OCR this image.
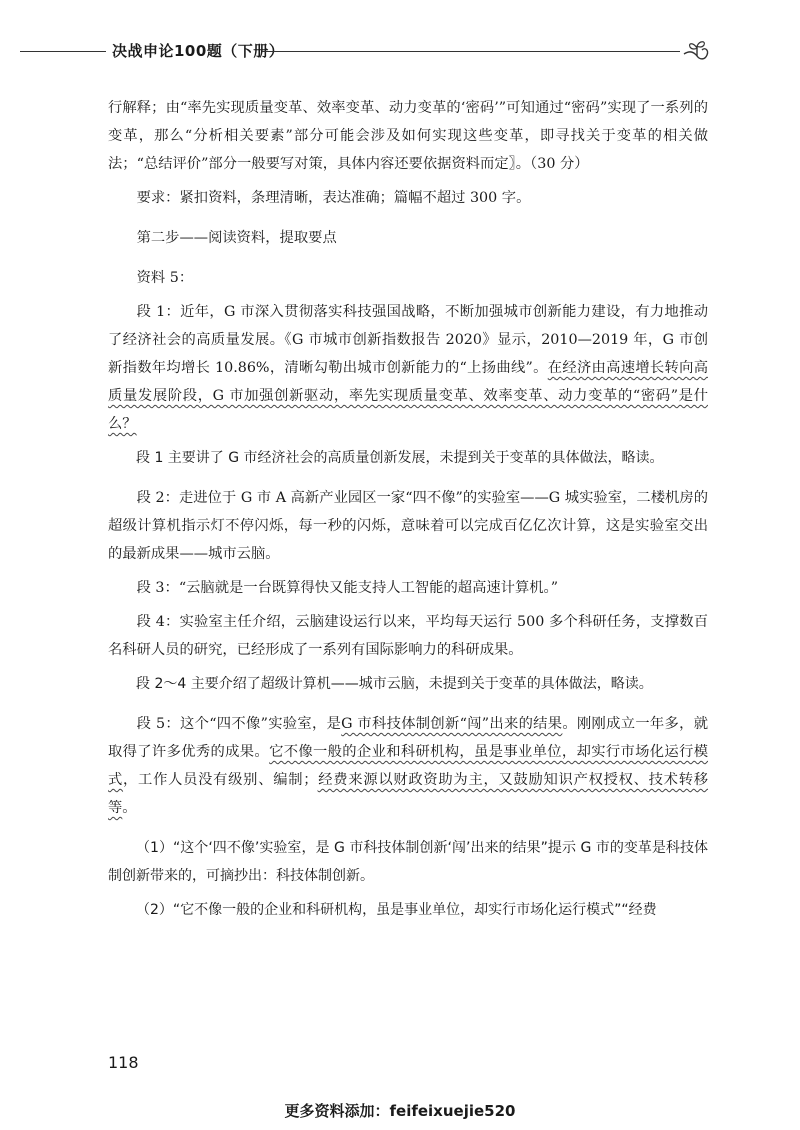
决战申论100题（下册）

行解释；由“率先实现质量变革、效率变革、动力变革的‘密码’”可知通过“密码”实现了一系列的变革，那么“分析相关要素”部分可能会涉及如何实现这些变革，即寻找关于变革的相关做法；“总结评价”部分一般要写对策，具体内容还要依据资料而定〗。（30 分）

要求：紧扣资料，条理清晰，表达准确；篇幅不超过 300 字。

第二步——阅读资料，提取要点

资料 5：

段 1：近年，G 市深入贯彻落实科技强国战略，不断加强城市创新能力建设，有力地推动了经济社会的高质量发展。《G 市城市创新指数报告 2020》显示，2010—2019 年，G 市创新指数年均增长 10.86%，清晰勾勒出城市创新能力的“上扬曲线”。在经济由高速增长转向高质量发展阶段，G 市加强创新驱动，率先实现质量变革、效率变革、动力变革的“密码”是什么？

段 1 主要讲了 G 市经济社会的高质量创新发展，未提到关于变革的具体做法，略读。

段 2：走进位于 G 市 A 高新产业园区一家“四不像”的实验室——G 城实验室，二楼机房的超级计算机指示灯不停闪烁，每一秒的闪烁，意味着可以完成百亿亿次计算，这是实验室交出的最新成果——城市云脑。

段 3：“云脑就是一台既算得快又能支持人工智能的超高速计算机。”

段 4：实验室主任介绍，云脑建设运行以来，平均每天运行 500 多个科研任务，支撑数百名科研人员的研究，已经形成了一系列有国际影响力的科研成果。

段 2～4 主要介绍了超级计算机——城市云脑，未提到关于变革的具体做法，略读。

段 5：这个“四不像”实验室，是G 市科技体制创新“闯”出来的结果。刚刚成立一年多，就取得了许多优秀的成果。它不像一般的企业和科研机构，虽是事业单位，却实行市场化运行模式，工作人员没有级别、编制；经费来源以财政资助为主，又鼓励知识产权授权、技术转移等。

（1）“这个‘四不像’实验室，是 G 市科技体制创新‘闯’出来的结果”提示 G 市的变革是科技体制创新带来的，可摘抄出：科技体制创新。

（2）“它不像一般的企业和科研机构，虽是事业单位，却实行市场化运行模式”“经费

118
更多资料添加：feifeixuejie520
